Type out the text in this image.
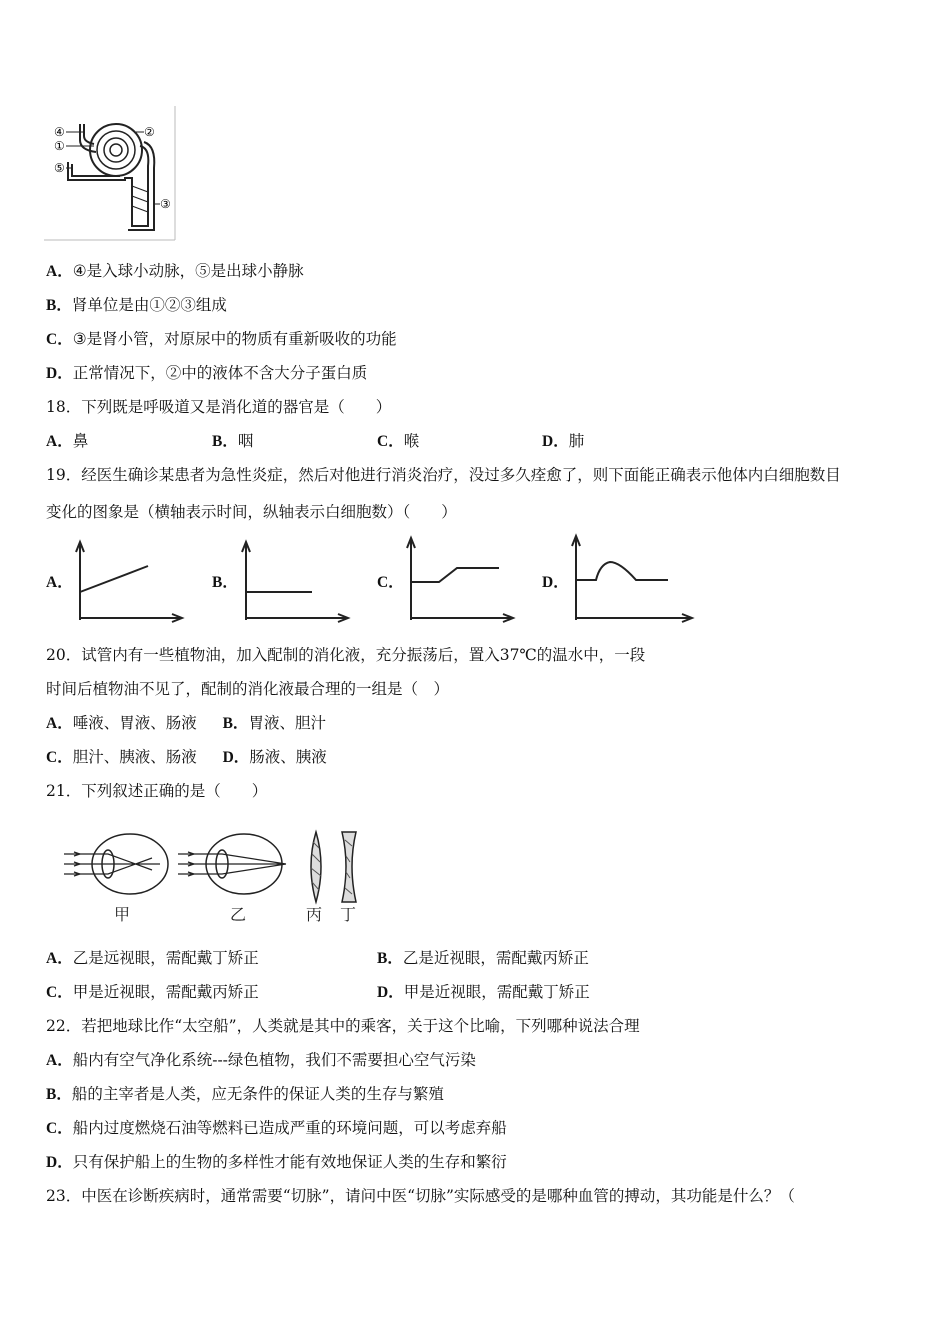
④
①
⑤
②
③
A．④是入球小动脉，⑤是出球小静脉
B．肾单位是由①②③组成
C．③是肾小管，对原尿中的物质有重新吸收的功能
D．正常情况下，②中的液体不含大分子蛋白质
18．下列既是呼吸道又是消化道的器官是（　　）
A．鼻	B．咽	C．喉	D．肺
19．经医生确诊某患者为急性炎症，然后对他进行消炎治疗，没过多久痊愈了，则下面能正确表示他体内白细胞数目
变化的图象是（横轴表示时间，纵轴表示白细胞数）（　　）
A．	B．	C．	D．
20．试管内有一些植物油，加入配制的消化液，充分振荡后，置入37℃的温水中，一段
时间后植物油不见了，配制的消化液最合理的一组是（　）
A．唾液、胃液、肠液 B．胃液、胆汁
C．胆汁、胰液、肠液 D．肠液、胰液
21．下列叙述正确的是（　　）
甲	乙	丙 丁
A．乙是远视眼，需配戴丁矫正	B．乙是近视眼，需配戴丙矫正
C．甲是近视眼，需配戴丙矫正	D．甲是近视眼，需配戴丁矫正
22．若把地球比作“太空船”，人类就是其中的乘客，关于这个比喻，下列哪种说法合理
A．船内有空气净化系统---绿色植物，我们不需要担心空气污染
B．船的主宰者是人类，应无条件的保证人类的生存与繁殖
C．船内过度燃烧石油等燃料已造成严重的环境问题，可以考虑弃船
D．只有保护船上的生物的多样性才能有效地保证人类的生存和繁衍
23．中医在诊断疾病时，通常需要“切脉”，请问中医“切脉”实际感受的是哪种血管的搏动，其功能是什么？（
